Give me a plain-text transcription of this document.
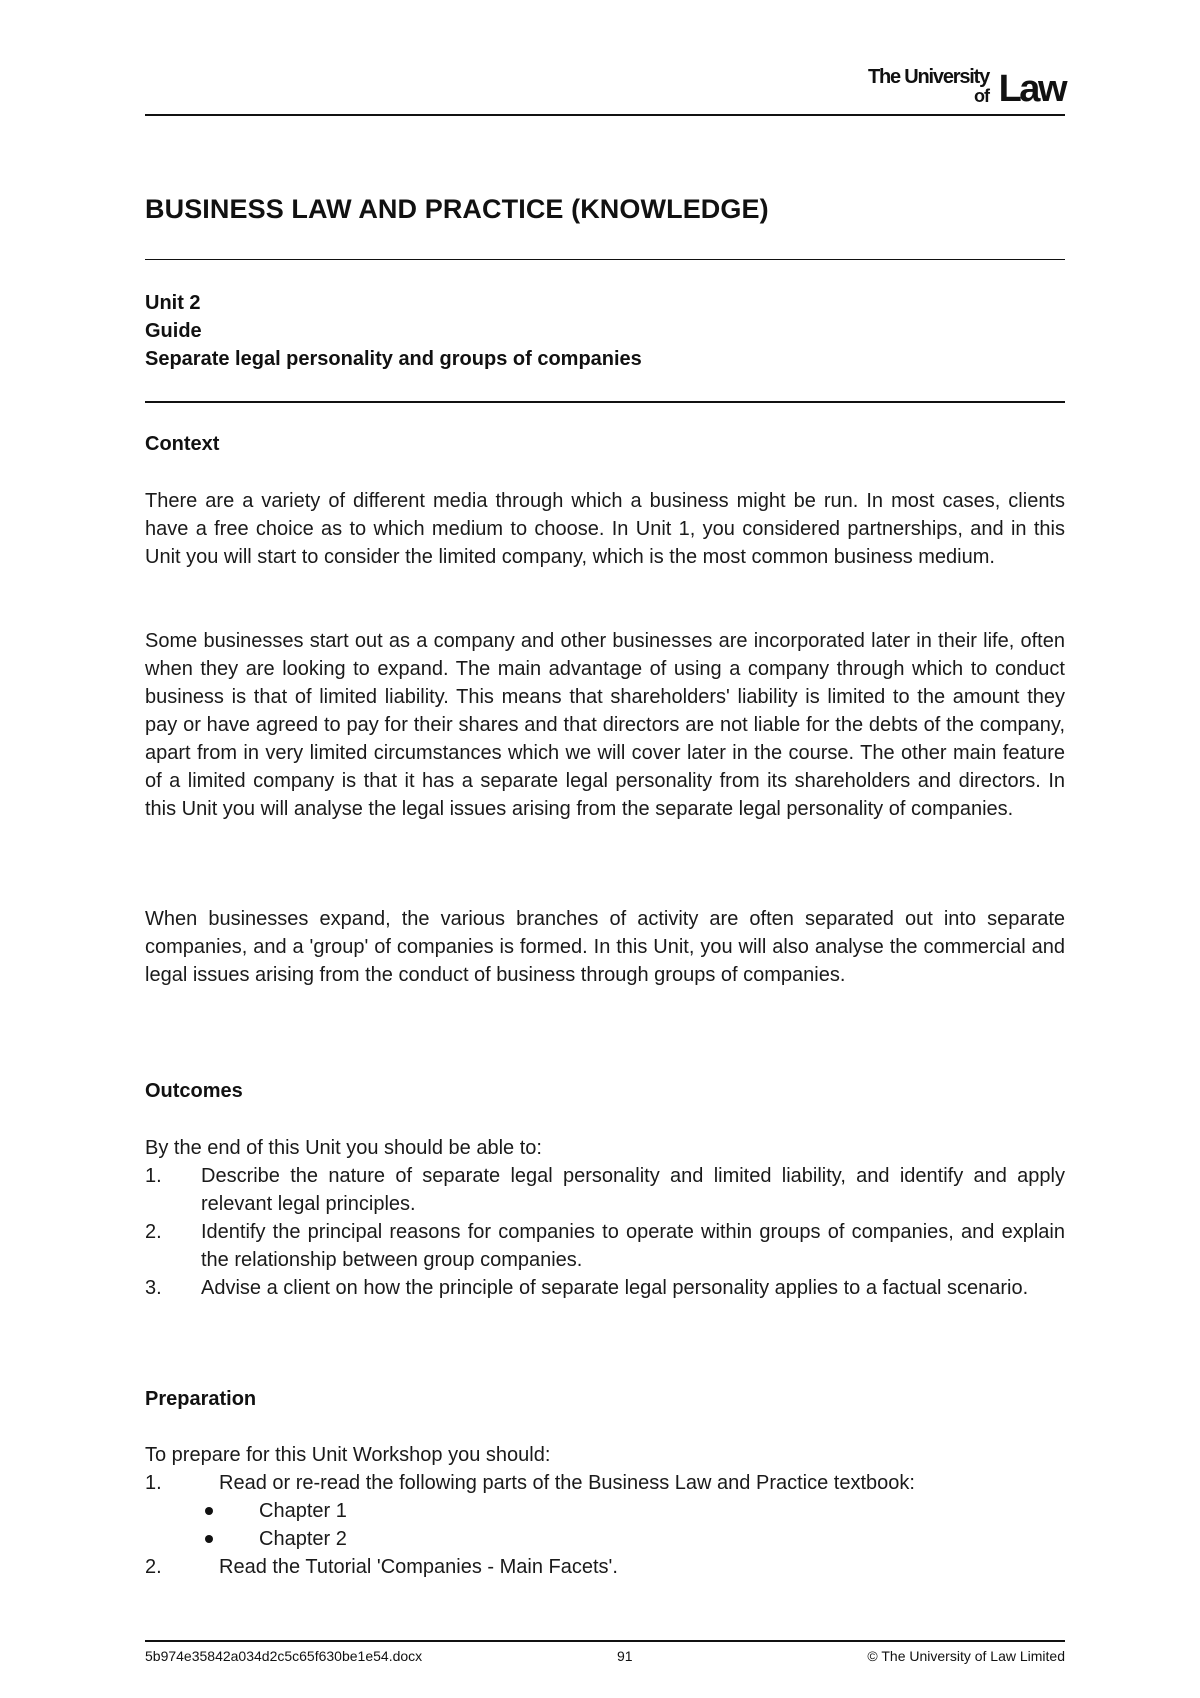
The University
of Law
BUSINESS LAW AND PRACTICE (KNOWLEDGE)
Unit 2
Guide
Separate legal personality and groups of companies
Context
There are a variety of different media through which a business might be run. In most cases, clients have a free choice as to which medium to choose. In Unit 1, you considered partnerships, and in this Unit you will start to consider the limited company, which is the most common business medium.
Some businesses start out as a company and other businesses are incorporated later in their life, often when they are looking to expand. The main advantage of using a company through which to conduct business is that of limited liability. This means that shareholders' liability is limited to the amount they pay or have agreed to pay for their shares and that directors are not liable for the debts of the company, apart from in very limited circumstances which we will cover later in the course. The other main feature of a limited company is that it has a separate legal personality from its shareholders and directors. In this Unit you will analyse the legal issues arising from the separate legal personality of companies.
When businesses expand, the various branches of activity are often separated out into separate companies, and a 'group' of companies is formed. In this Unit, you will also analyse the commercial and legal issues arising from the conduct of business through groups of companies.
Outcomes
By the end of this Unit you should be able to:
1. Describe the nature of separate legal personality and limited liability, and identify and apply relevant legal principles.
2. Identify the principal reasons for companies to operate within groups of companies, and explain the relationship between group companies.
3. Advise a client on how the principle of separate legal personality applies to a factual scenario.
Preparation
To prepare for this Unit Workshop you should:
1.	Read or re-read the following parts of the Business Law and Practice textbook:
Chapter 1
Chapter 2
2.	Read the Tutorial 'Companies - Main Facets'.
5b974e35842a034d2c5c65f630be1e54.docx	91	© The University of Law Limited
